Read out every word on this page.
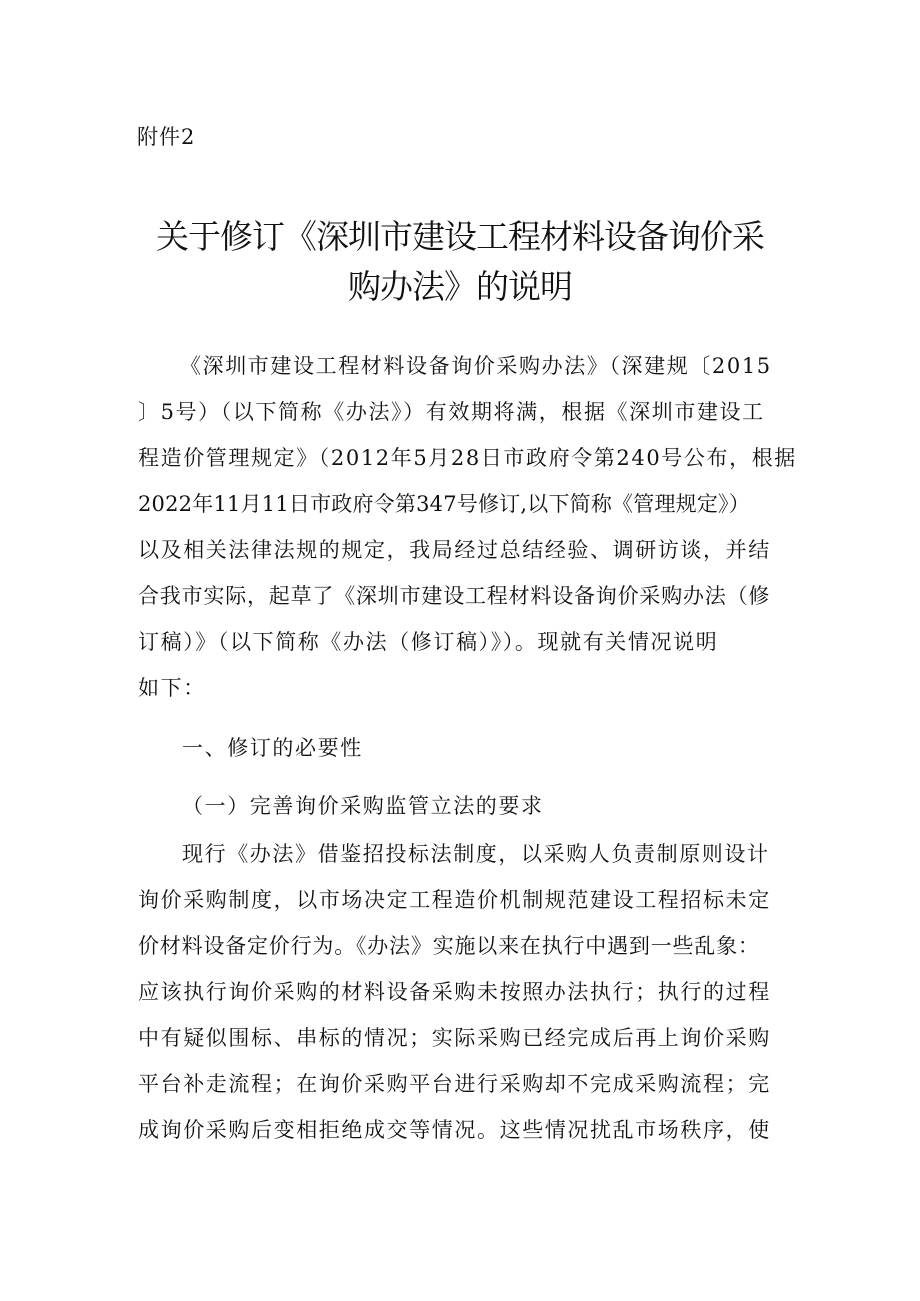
附件2
关于修订《深圳市建设工程材料设备询价采
购办法》的说明
《深圳市建设工程材料设备询价采购办法》（深建规〔2015
〕5号）（以下简称《办法》）有效期将满，根据《深圳市建设工
程造价管理规定》（2012年5月28日市政府令第240号公布，根据
2022年11月11日市政府令第347号修订,以下简称《管理规定》）
以及相关法律法规的规定，我局经过总结经验、调研访谈，并结
合我市实际，起草了《深圳市建设工程材料设备询价采购办法（修
订稿）》（以下简称《办法（修订稿）》）。现就有关情况说明
如下：
一、修订的必要性
（一）完善询价采购监管立法的要求
现行《办法》借鉴招投标法制度，以采购人负责制原则设计
询价采购制度，以市场决定工程造价机制规范建设工程招标未定
价材料设备定价行为。《办法》实施以来在执行中遇到一些乱象：
应该执行询价采购的材料设备采购未按照办法执行；执行的过程
中有疑似围标、串标的情况；实际采购已经完成后再上询价采购
平台补走流程；在询价采购平台进行采购却不完成采购流程；完
成询价采购后变相拒绝成交等情况。这些情况扰乱市场秩序，使
